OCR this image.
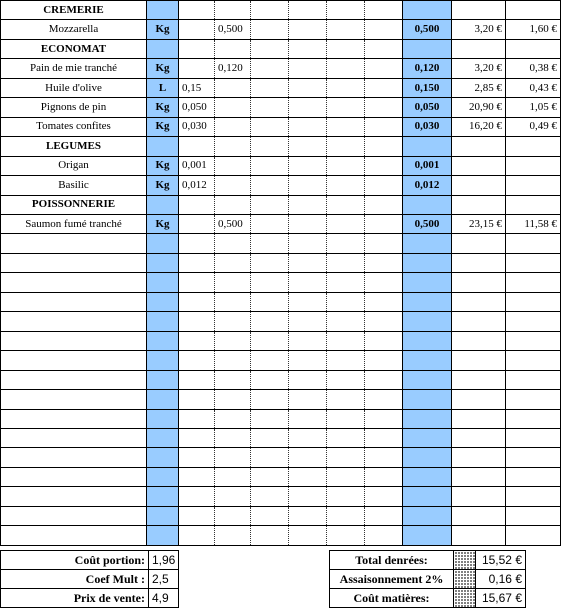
CREMERIE										
Mozzarella	Kg		0,500					0,500	3,20 €	1,60 €
ECONOMAT										
Pain de mie tranché	Kg		0,120					0,120	3,20 €	0,38 €
Huile d'olive	L	0,15						0,150	2,85 €	0,43 €
Pignons de pin	Kg	0,050						0,050	20,90 €	1,05 €
Tomates confites	Kg	0,030						0,030	16,20 €	0,49 €
LEGUMES										
Origan	Kg	0,001						0,001		
Basilic	Kg	0,012						0,012		
POISSONNERIE										
Saumon fumé tranché	Kg		0,500					0,500	23,15 €	11,58 €

Coût portion:	1,96
Coef Mult :	2,5
Prix de vente:	4,9
Total denrées:		15,52 €
Assaisonnement 2%		0,16 €
Coût matières:		15,67 €
